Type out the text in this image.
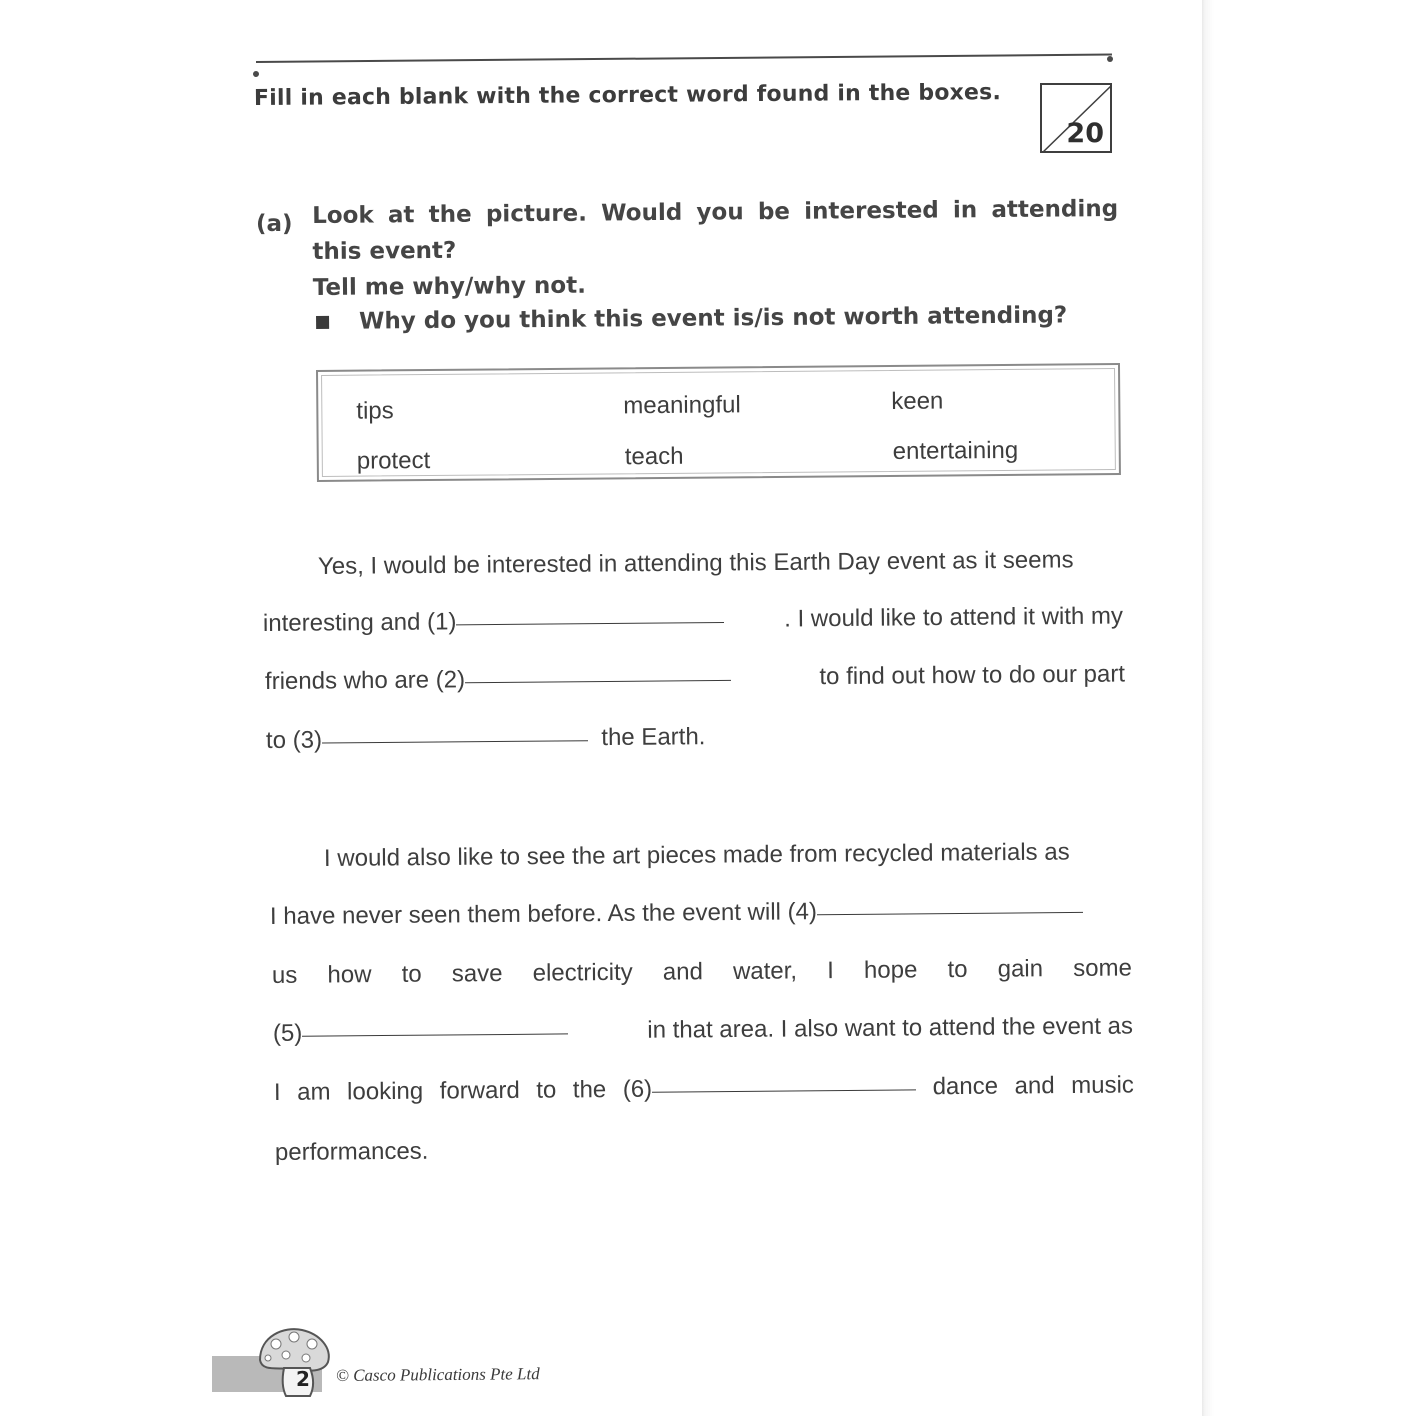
Fill in each blank with the correct word found in the boxes.
20
(a) Look at the picture. Would you be interested in attending this event?

Tell me why/why not.

Why do you think this event is/is not worth attending?
tips	meaningful	keen
protect	teach	entertaining
Yes, I would be interested in attending this Earth Day event as it seems
interesting and (1)	. I would like to attend it with my
friends who are (2)	to find out how to do our part
to (3)	the Earth.
I would also like to see the art pieces made from recycled materials as
I have never seen them before. As the event will (4)
us how to save electricity and water, I hope to gain some
(5)	in that area. I also want to attend the event as
I am looking forward to the (6)	dance and music
performances.
2 © Casco Publications Pte Ltd
